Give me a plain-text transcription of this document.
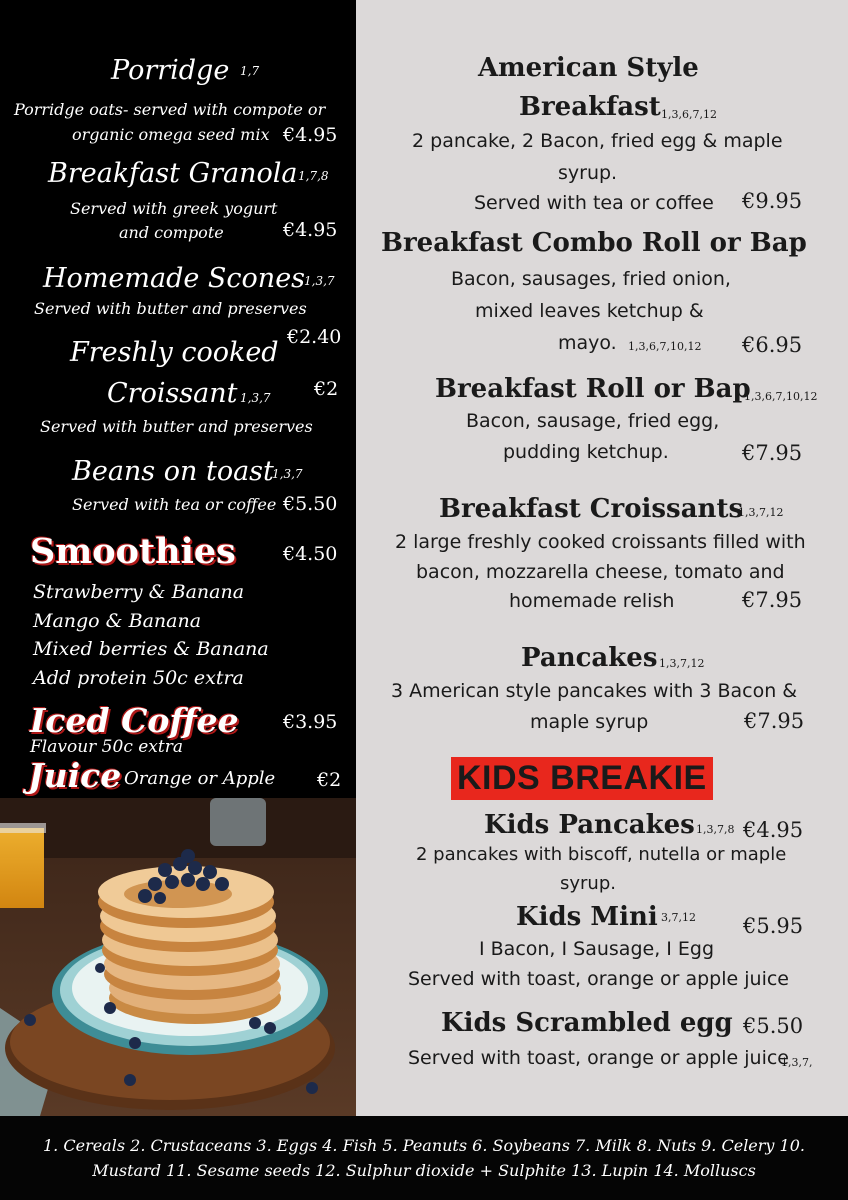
Porridge 1,7
Porridge oats- served with compote or
organic omega seed mix €4.95
Breakfast Granola 1,7,8
Served with greek yogurt
and compote	€4.95
Homemade Scones
1,3,7
Served with butter and preserves
€2.40
Freshly cooked
Croissant 1,3,7 €2
Served with butter and preserves
Beans on toast
1,3,7
Served with tea or coffee €5.50
Smoothies €4.50
Strawberry & Banana
Mango & Banana
Mixed berries & Banana
Add protein 50c extra
Iced Coffee €3.95
Flavour 50c extra
Juice Orange or Apple €2
American Style
Breakfast 1,3,6,7,12
2 pancake, 2 Bacon, fried egg & maple
syrup.
Served with tea or coffee €9.95
Breakfast Combo Roll or Bap
Bacon, sausages, fried onion,
mixed leaves ketchup &
mayo. 1,3,6,7,10,12 €6.95
Breakfast Roll or Bap
1,3,6,7,10,12
Bacon, sausage, fried egg,
pudding ketchup.	€7.95
Breakfast Croissants
1,3,7,12
2 large freshly cooked croissants filled with
bacon, mozzarella cheese, tomato and
homemade relish	€7.95
Pancakes 1,3,7,12
3 American style pancakes with 3 Bacon &
maple syrup	€7.95
KIDS BREAKIE
Kids Pancakes 1,3,7,8 €4.95
2 pancakes with biscoff, nutella or maple
syrup.
Kids Mini 3,7,12 €5.95
I Bacon, I Sausage, I Egg
Served with toast, orange or apple juice
Kids Scrambled egg €5.50
Served with toast, orange or apple juice
1,3,7,
1. Cereals 2. Crustaceans 3. Eggs 4. Fish 5. Peanuts 6. Soybeans 7. Milk 8. Nuts 9. Celery 10.
Mustard 11. Sesame seeds 12. Sulphur dioxide + Sulphite 13. Lupin 14. Molluscs
